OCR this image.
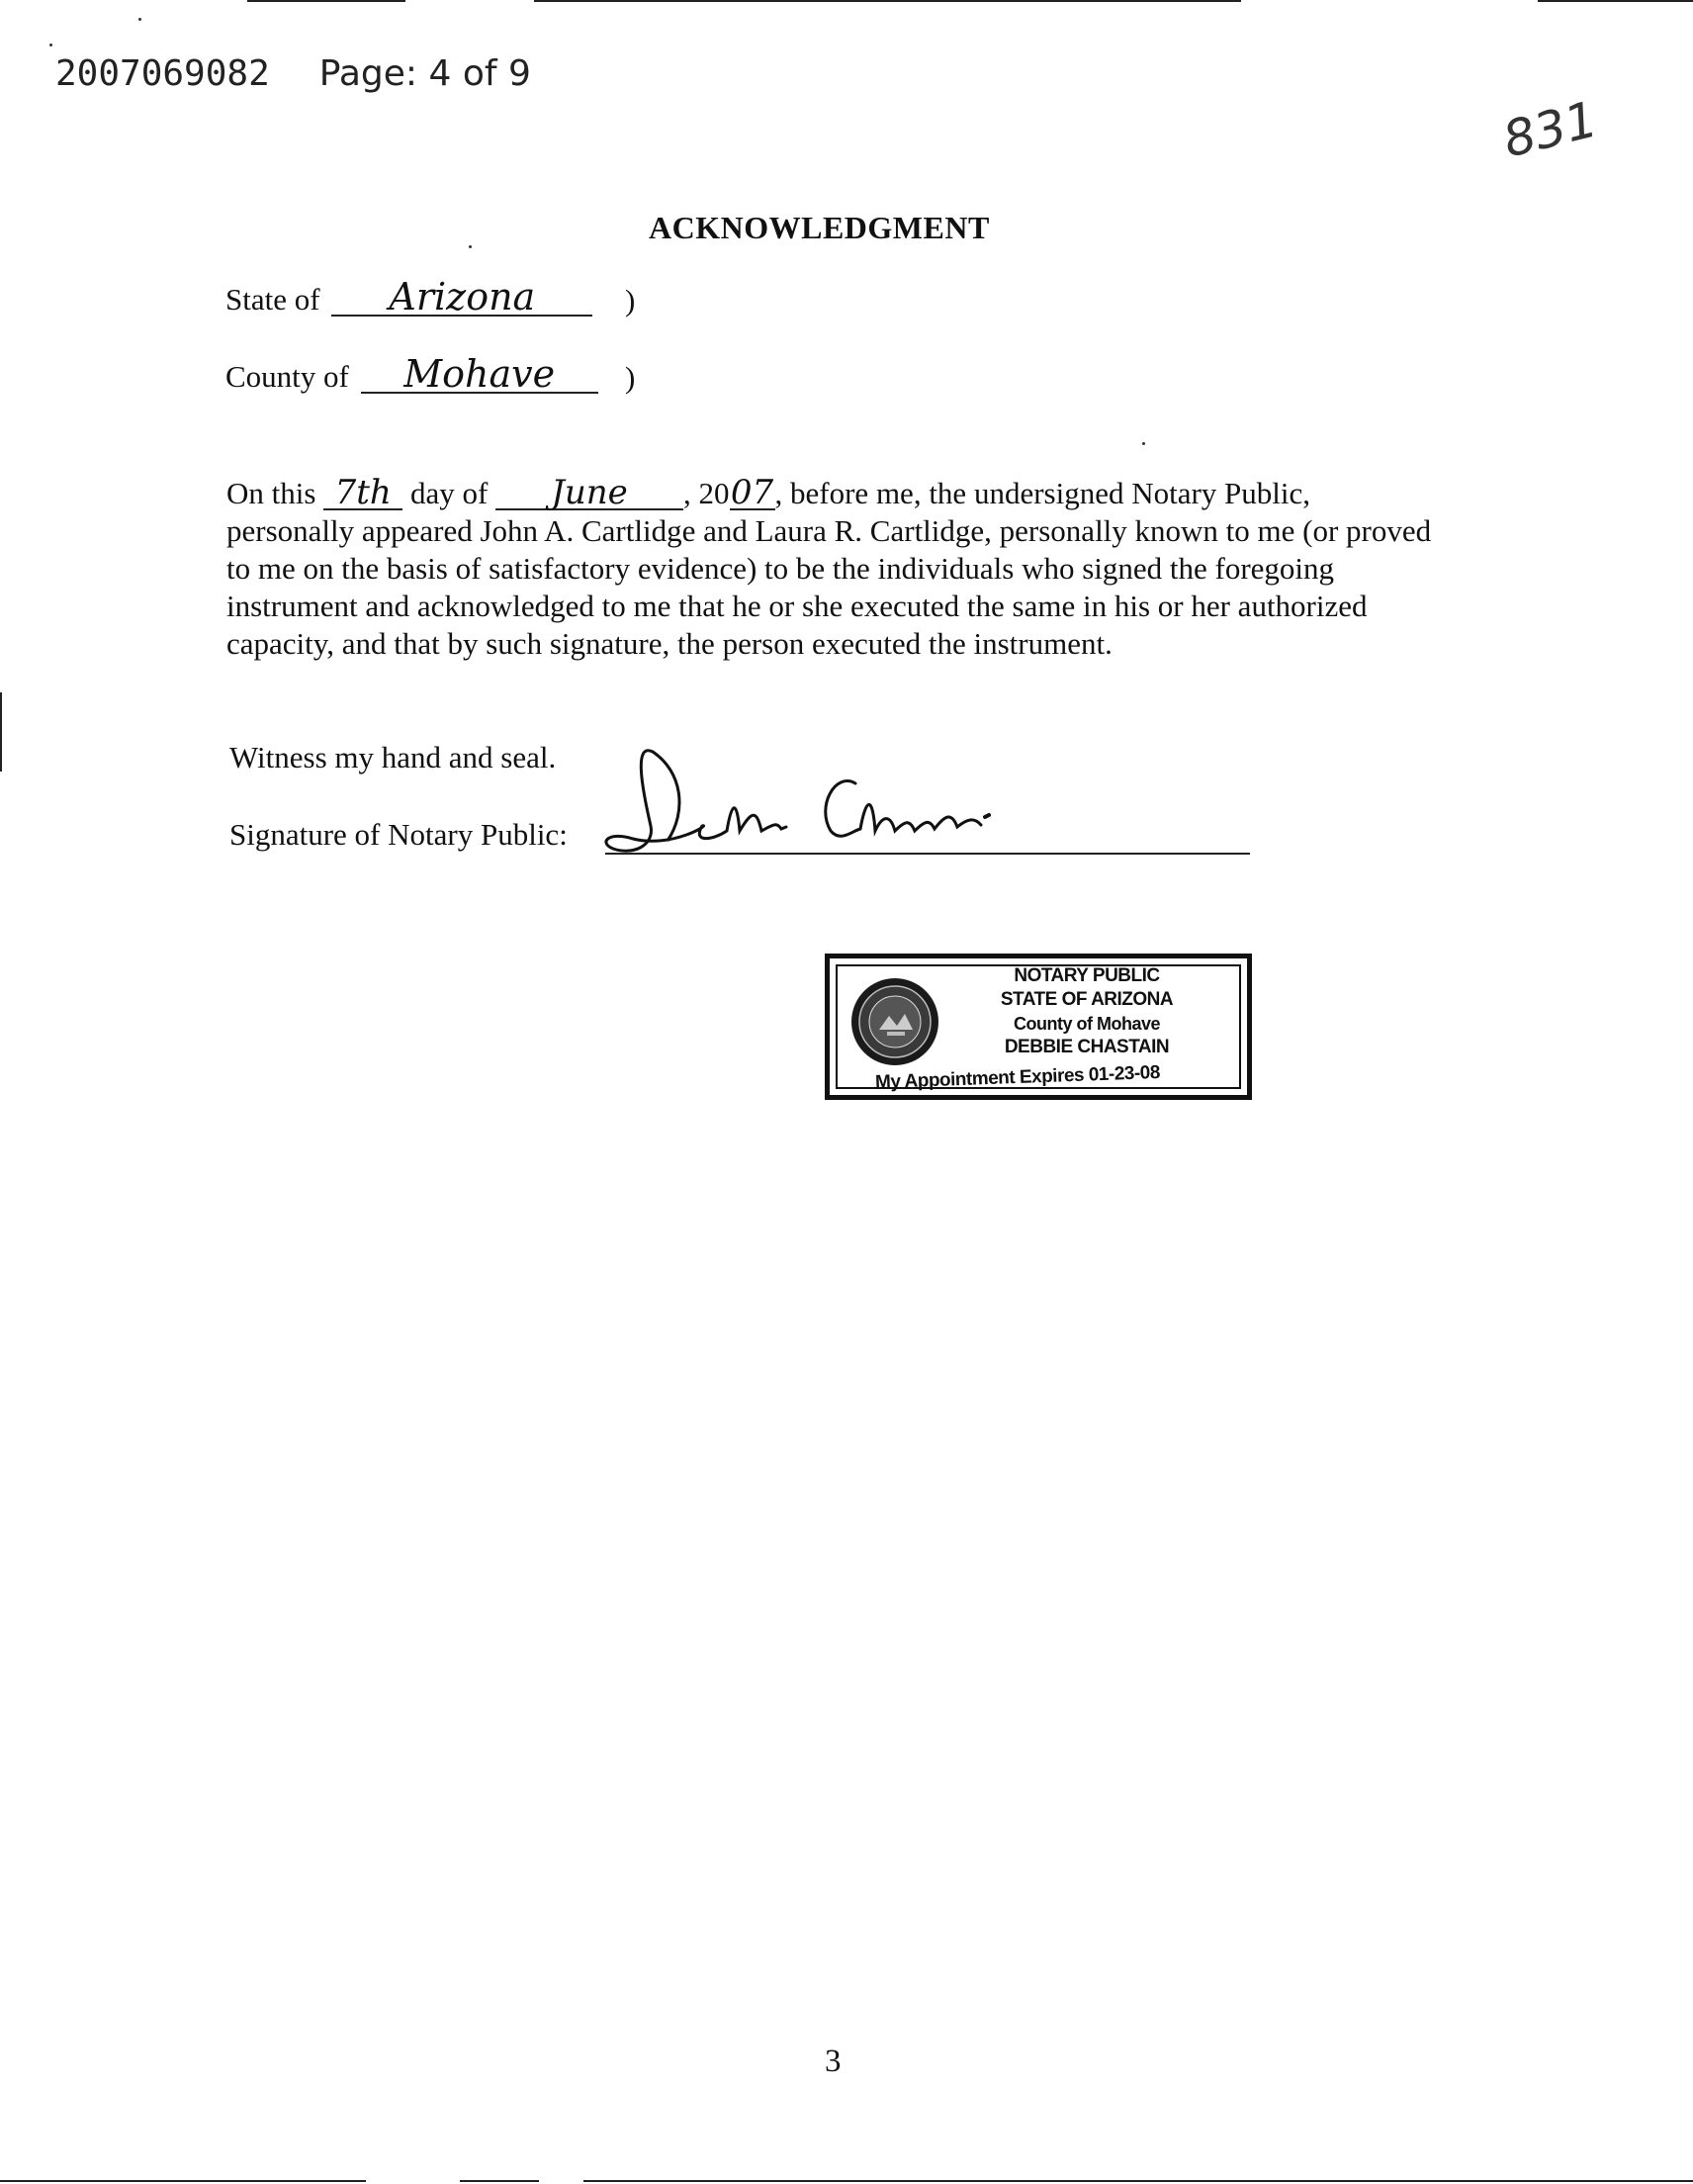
2007069082 Page: 4 of 9
831
ACKNOWLEDGMENT
State of Arizona	)
County of Mohave	)
On this 7th day of June , 2007, before me, the undersigned Notary Public, personally appeared John A. Cartlidge and Laura R. Cartlidge, personally known to me (or proved to me on the basis of satisfactory evidence) to be the individuals who signed the foregoing instrument and acknowledged to me that he or she executed the same in his or her authorized capacity, and that by such signature, the person executed the instrument.
Witness my hand and seal.
Signature of Notary Public:
NOTARY PUBLIC
STATE OF ARIZONA
County of Mohave
DEBBIE CHASTAIN
My Appointment Expires 01-23-08
3
